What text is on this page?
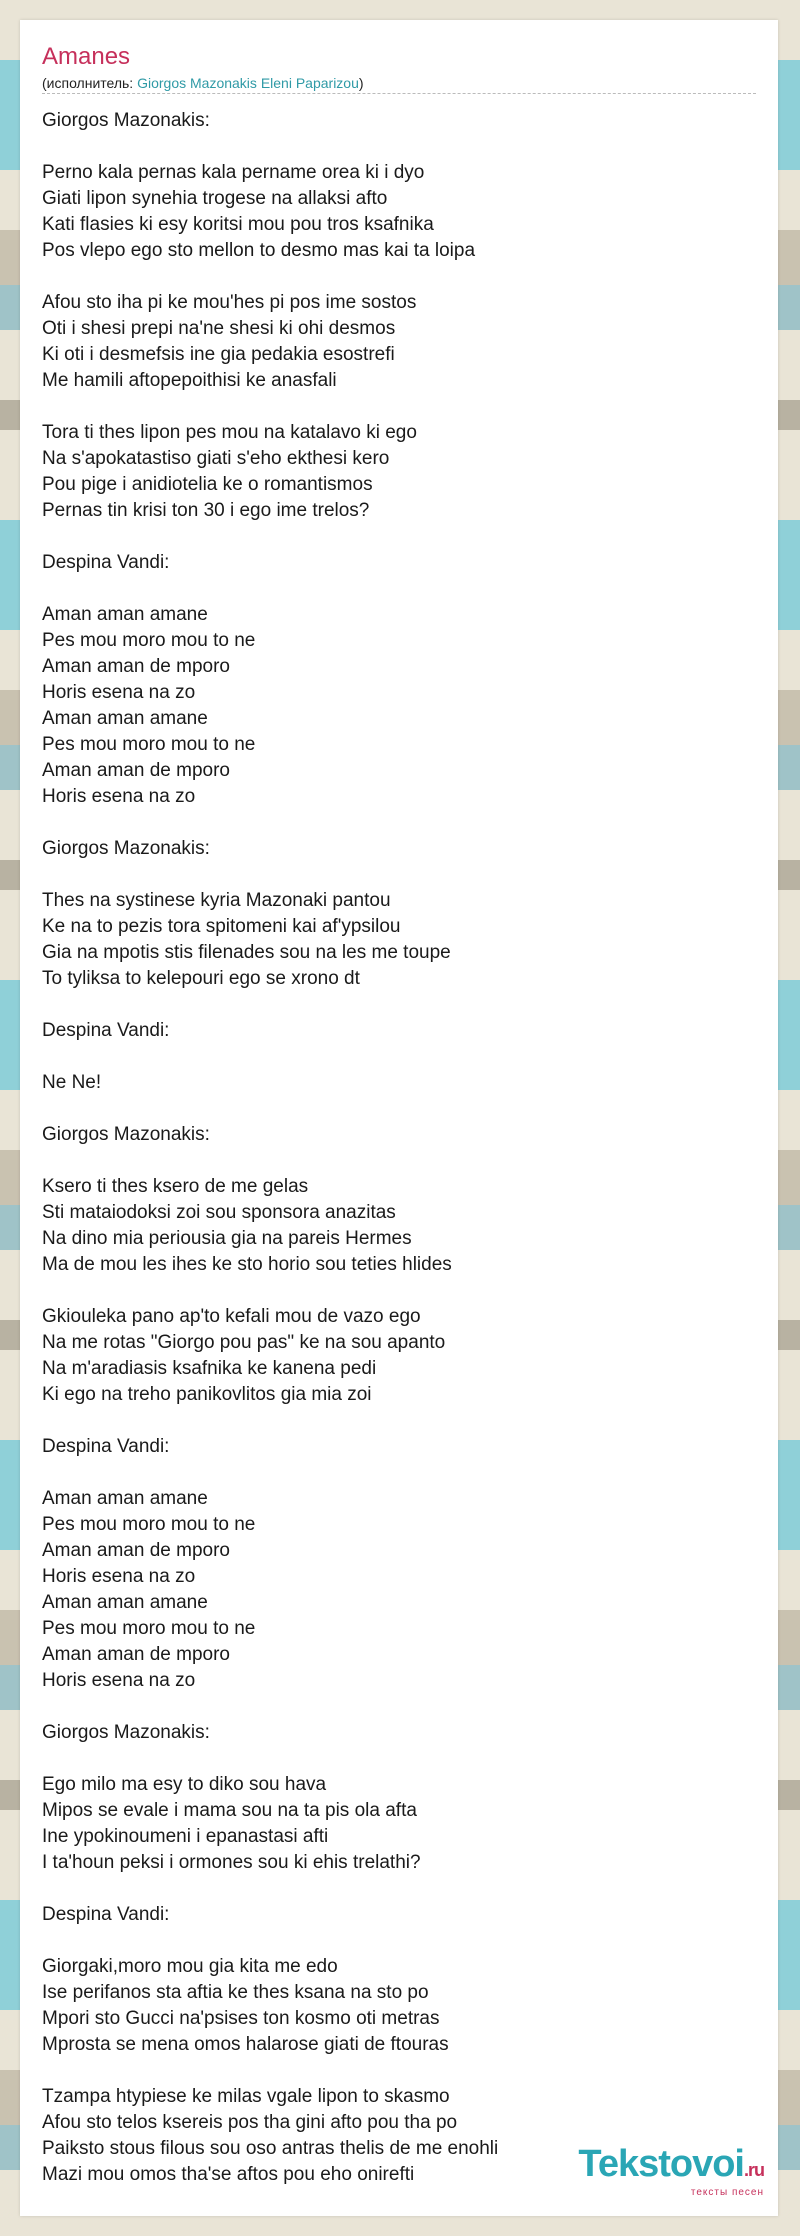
Amanes
(исполнитель: Giorgos Mazonakis Eleni Paparizou)
Giorgos Mazonakis:
Perno kala pernas kala pername orea ki i dyo
Giati lipon synehia trogese na allaksi afto
Kati flasies ki esy koritsi mou pou tros ksafnika
Pos vlepo ego sto mellon to desmo mas kai ta loipa
Afou sto iha pi ke mou'hes pi pos ime sostos
Oti i shesi prepi na'ne shesi ki ohi desmos
Ki oti i desmefsis ine gia pedakia esostrefi
Me hamili aftopepoithisi ke anasfali
Tora ti thes lipon pes mou na katalavo ki ego
Na s'apokatastiso giati s'eho ekthesi kero
Pou pige i anidiotelia ke o romantismos
Pernas tin krisi ton 30 i ego ime trelos?
Despina Vandi:
Aman aman amane
Pes mou moro mou to ne
Aman aman de mporo
Horis esena na zo
Aman aman amane
Pes mou moro mou to ne
Aman aman de mporo
Horis esena na zo
Giorgos Mazonakis:
Thes na systinese kyria Mazonaki pantou
Ke na to pezis tora spitomeni kai af'ypsilou
Gia na mpotis stis filenades sou na les me toupe
To tyliksa to kelepouri ego se xrono dt
Despina Vandi:
Ne Ne!
Giorgos Mazonakis:
Ksero ti thes ksero de me gelas
Sti mataiodoksi zoi sou sponsora anazitas
Na dino mia periousia gia na pareis Hermes
Ma de mou les ihes ke sto horio sou teties hlides
Gkiouleka pano ap'to kefali mou de vazo ego
Na me rotas "Giorgo pou pas" ke na sou apanto
Na m'aradiasis ksafnika ke kanena pedi
Ki ego na treho panikovlitos gia mia zoi
Despina Vandi:
Aman aman amane
Pes mou moro mou to ne
Aman aman de mporo
Horis esena na zo
Aman aman amane
Pes mou moro mou to ne
Aman aman de mporo
Horis esena na zo
Giorgos Mazonakis:
Ego milo ma esy to diko sou hava
Mipos se evale i mama sou na ta pis ola afta
Ine ypokinoumeni i epanastasi afti
I ta'houn peksi i ormones sou ki ehis trelathi?
Despina Vandi:
Giorgaki,moro mou gia kita me edo
Ise perifanos sta aftia ke thes ksana na sto po
Mpori sto Gucci na'psises ton kosmo oti metras
Mprosta se mena omos halarose giati de ftouras
Tzampa htypiese ke milas vgale lipon to skasmo
Afou sto telos ksereis pos tha gini afto pou tha po
Paiksto stous filous sou oso antras thelis de me enohli
Mazi mou omos tha'se aftos pou eho onirefti	Tekstovoi.ru
тексты песен
